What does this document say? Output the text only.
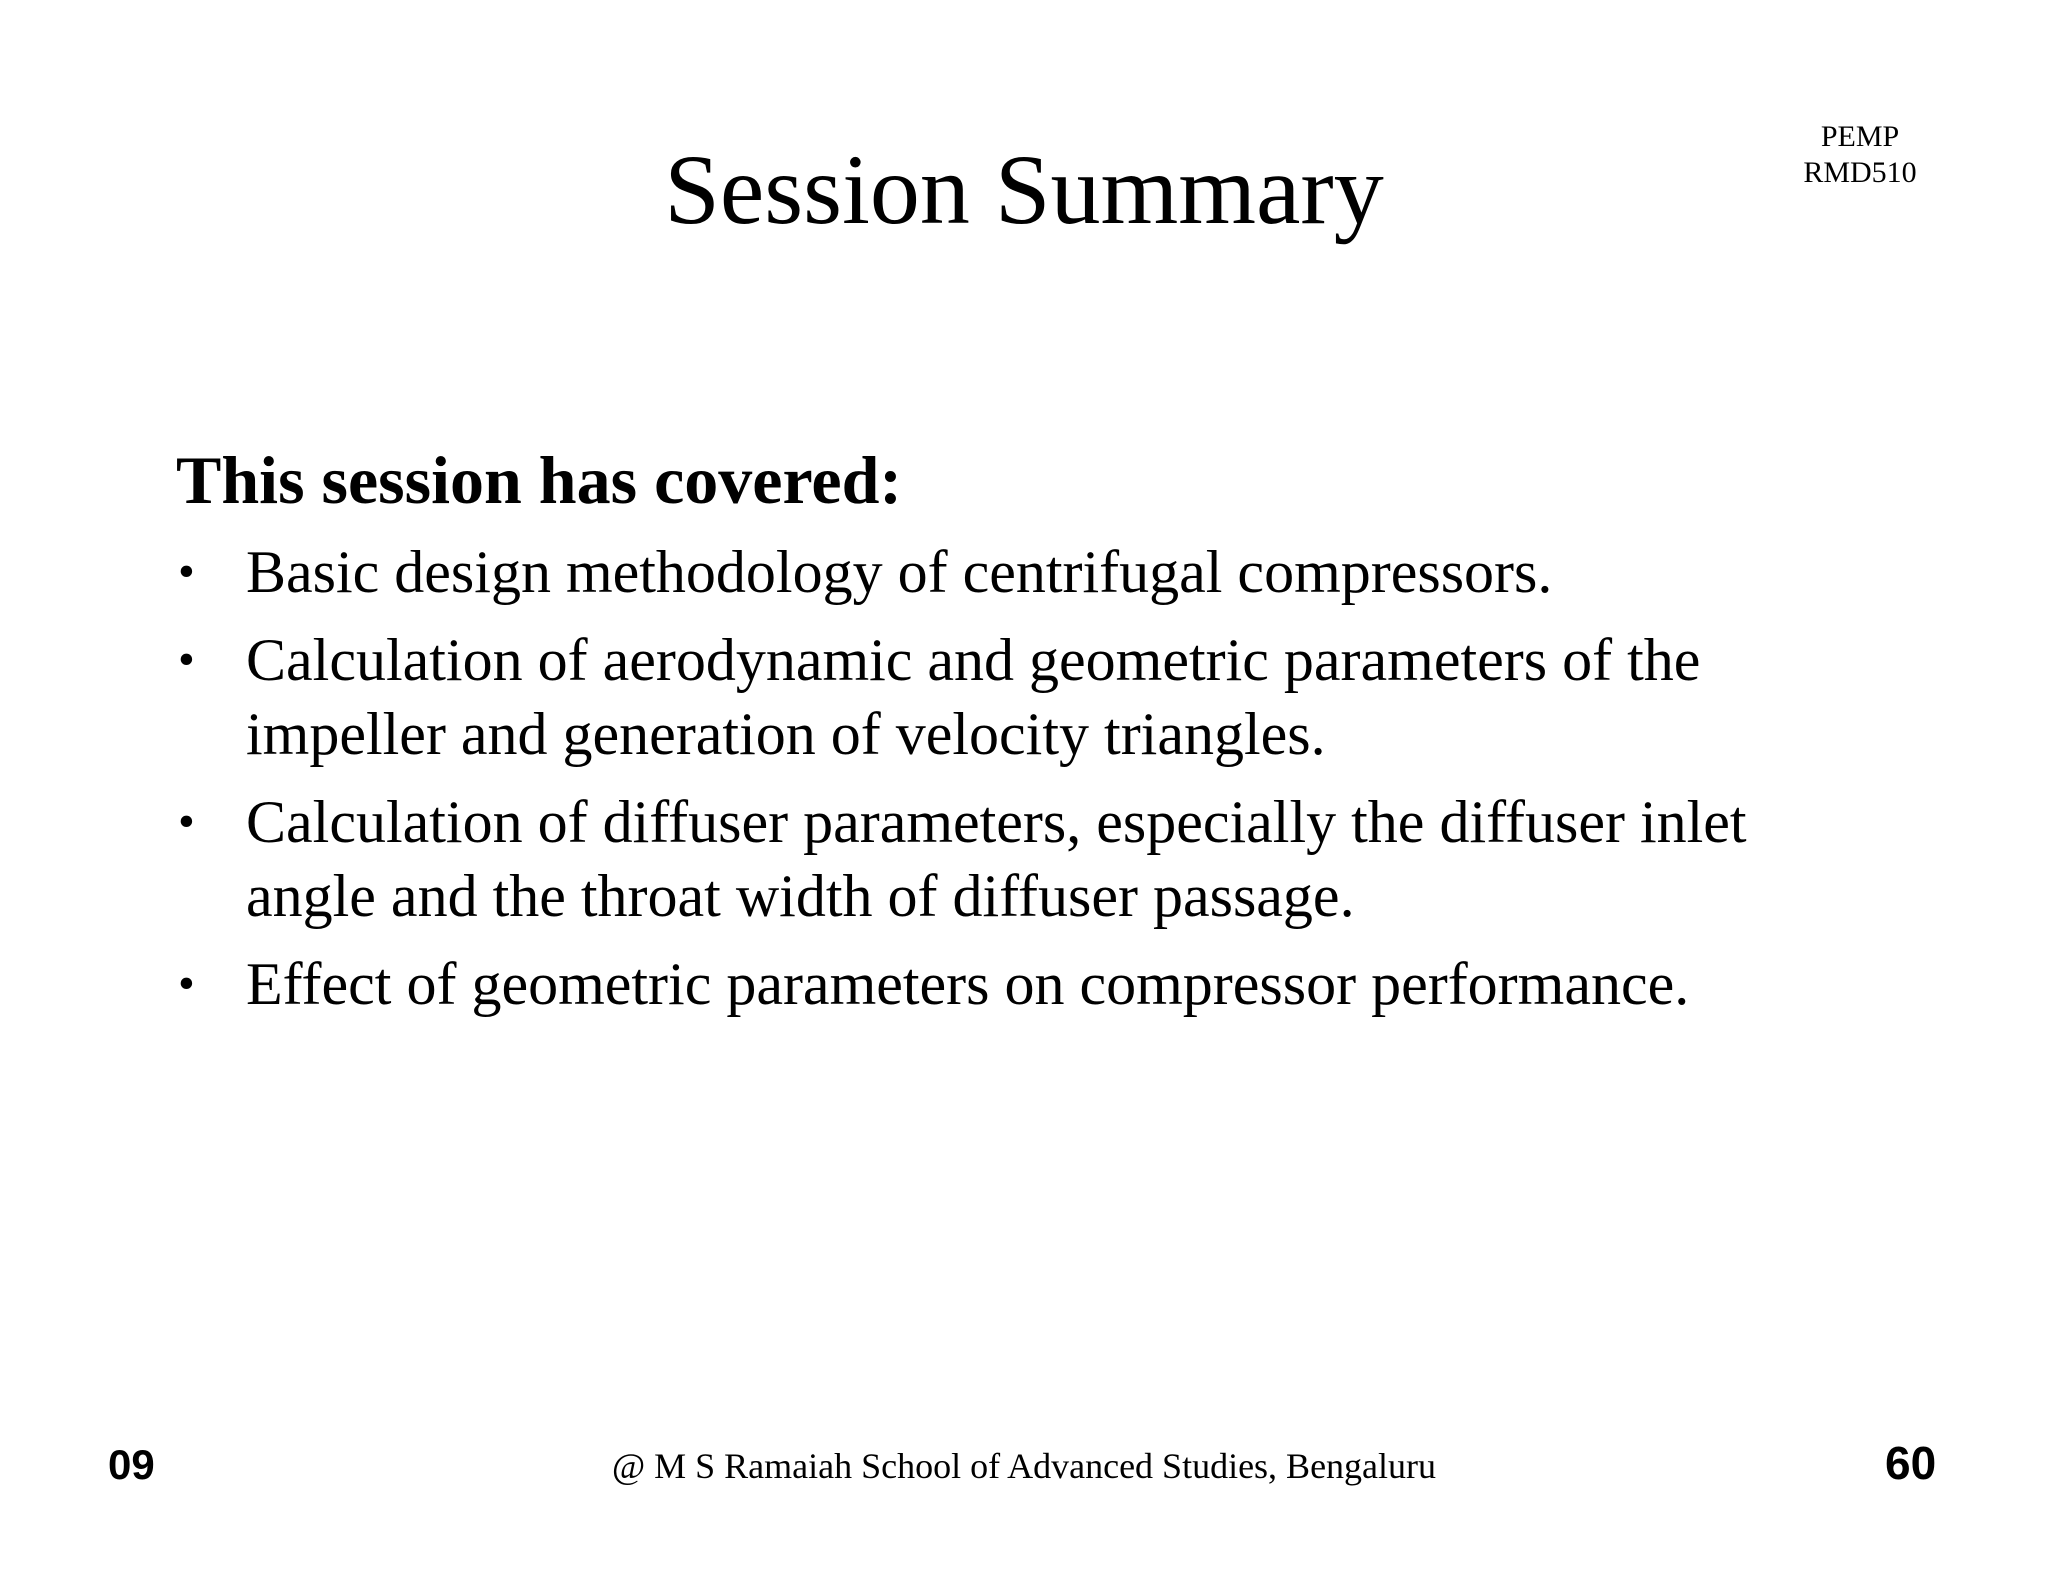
Session Summary	PEMP
RMD510
This session has covered:
• Basic design methodology of centrifugal compressors.
• Calculation of aerodynamic and geometric parameters of the impeller and generation of velocity triangles.
• Calculation of diffuser parameters, especially the diffuser inlet angle and the throat width of diffuser passage.
• Effect of geometric parameters on compressor performance.
09	@ M S Ramaiah School of Advanced Studies, Bengaluru	60
